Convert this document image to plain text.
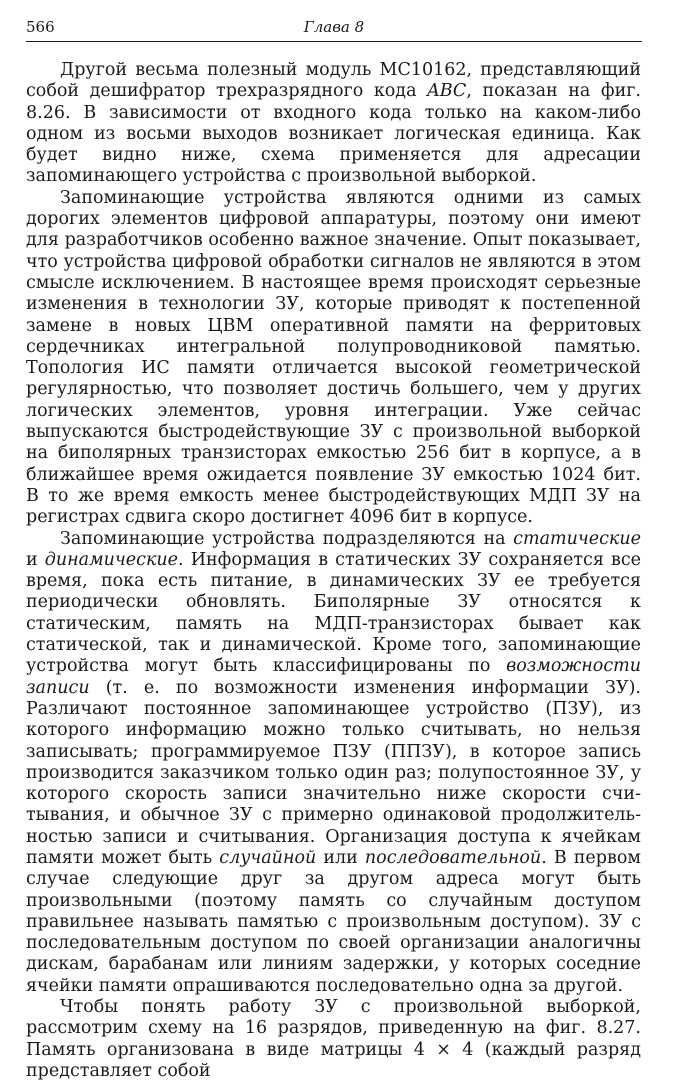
566	Глава 8

Другой весьма полезный модуль MC10162, представляющий собой дешифратор трехразрядного кода ABC, показан на фиг. 8.26. В зависимости от входного кода только на каком-либо одном из восьми выходов возникает логическая единица. Как будет видно ниже, схема применяется для адресации запоминающего устройства с произвольной выборкой.

Запоминающие устройства являются одними из самых дорогих элементов цифровой аппаратуры, поэтому они имеют для разработчиков особенно важное значение. Опыт показывает, что устройства цифровой обработки сигналов не являются в этом смысле исключением. В настоящее время происходят серьезные изменения в технологии ЗУ, которые приводят к постепенной замене в новых ЦВМ оперативной памяти на ферритовых сердечниках интегральной полупроводниковой памятью. Топология ИС памяти отличается высокой геометрической регулярностью, что позволяет достичь большего, чем у других логических элементов, уровня интеграции. Уже сейчас выпускаются быстродействующие ЗУ с произвольной выборкой на биполярных транзисторах емкостью 256 бит в корпусе, а в ближайшее время ожидается появление ЗУ емкостью 1024 бит. В то же время емкость менее быстродействующих МДП ЗУ на регистрах сдвига скоро достигнет 4096 бит в корпусе.

Запоминающие устройства подразделяются на статические и динамические. Информация в статических ЗУ сохраняется все время, пока есть питание, в динамических ЗУ ее требуется периодически обновлять. Биполярные ЗУ относятся к статическим, память на МДП-транзисторах бывает как статической, так и динамической. Кроме того, запоминающие устройства могут быть классифицированы по возможности записи (т. е. по возможности изменения информации ЗУ). Различают постоянное запоминающее устройство (ПЗУ), из которого информацию можно только считывать, но нельзя записывать; программируемое ПЗУ (ППЗУ), в которое запись производится заказчиком только один раз; полупостоянное ЗУ, у которого скорость записи значительно ниже скорости считывания, и обычное ЗУ с примерно одинаковой продолжительностью записи и считывания. Организация доступа к ячейкам памяти может быть случайной или последовательной. В первом случае следующие друг за другом адреса могут быть произвольными (поэтому память со случайным доступом правильнее называть памятью с произвольным доступом). ЗУ с последовательным доступом по своей организации аналогичны дискам, барабанам или линиям задержки, у которых соседние ячейки памяти опрашиваются последовательно одна за другой.

Чтобы понять работу ЗУ с произвольной выборкой, рассмотрим схему на 16 разрядов, приведенную на фиг. 8.27. Память организована в виде матрицы 4 × 4 (каждый разряд представляет собой
